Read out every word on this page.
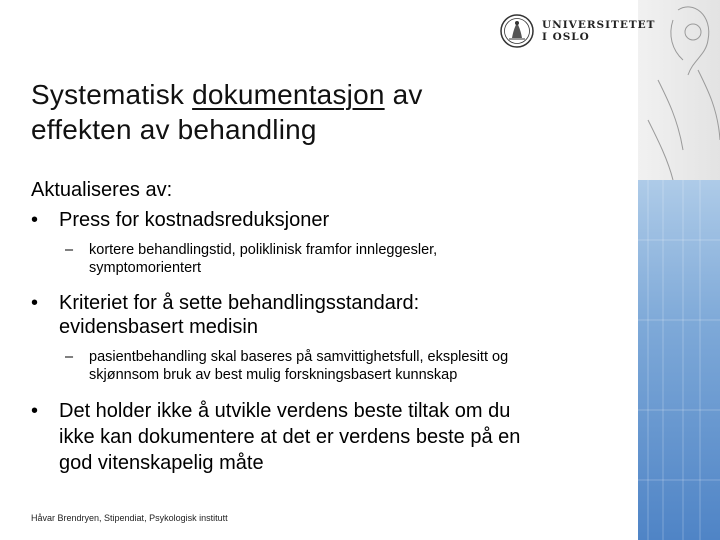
UNIVERSITETET
I OSLO
Systematisk dokumentasjon av
effekten av behandling

Aktualiseres av:

• Press for kostnadsreduksjoner

– kortere behandlingstid, poliklinisk framfor innleggesler,
symptomorientert

• Kriteriet for å sette behandlingsstandard:
evidensbasert medisin

– pasientbehandling skal baseres på samvittighetsfull, eksplesitt og
skjønnsom bruk av best mulig forskningsbasert kunnskap

• Det holder ikke å utvikle verdens beste tiltak om du
ikke kan dokumentere at det er verdens beste på en
god vitenskapelig måte

Håvar Brendryen, Stipendiat, Psykologisk institutt
